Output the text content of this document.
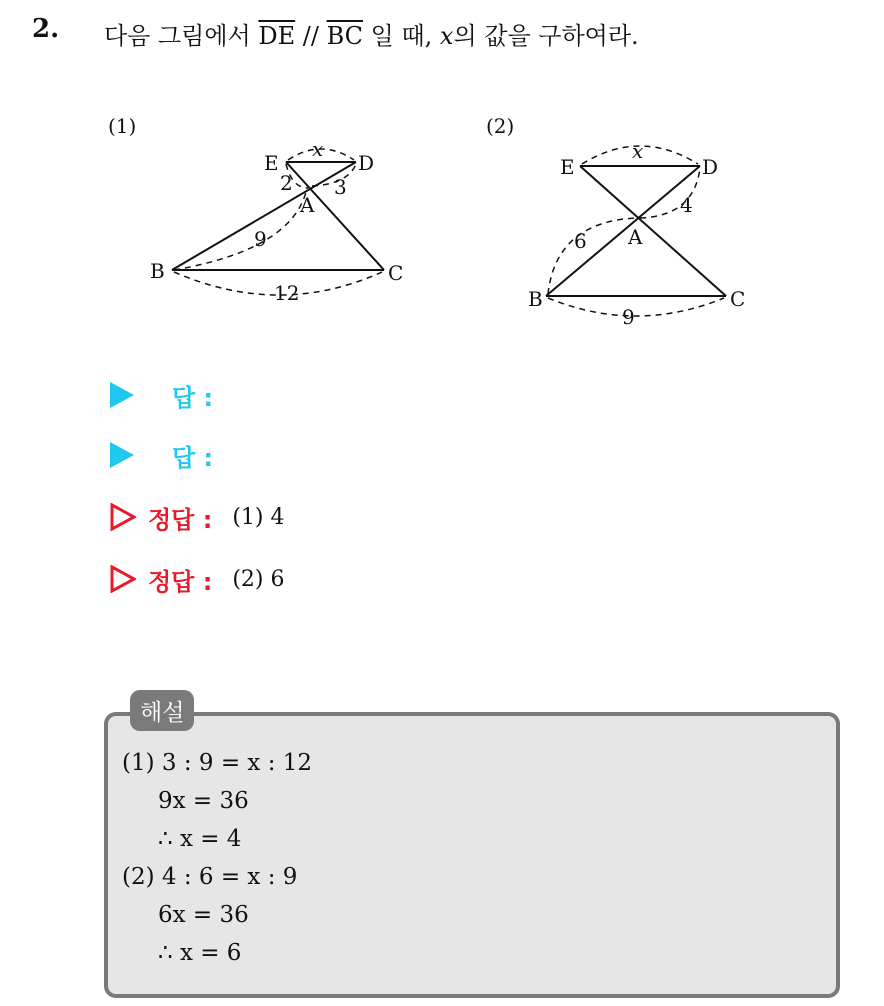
2. 다음 그림에서 $\overline{DE} // \overline{BC}$ 일 때, x의 값을 구하여라.
(1)
E	D
A
B	C
x
2 3
9
12
(2)
E	D
A
B	C
x
4
6
9
답 :
답 :
정답 : (1) 4
정답 : (2) 6
해설
(1) 3 : 9 = x : 12
9x = 36
∴ x = 4
(2) 4 : 6 = x : 9
6x = 36
∴ x = 6
